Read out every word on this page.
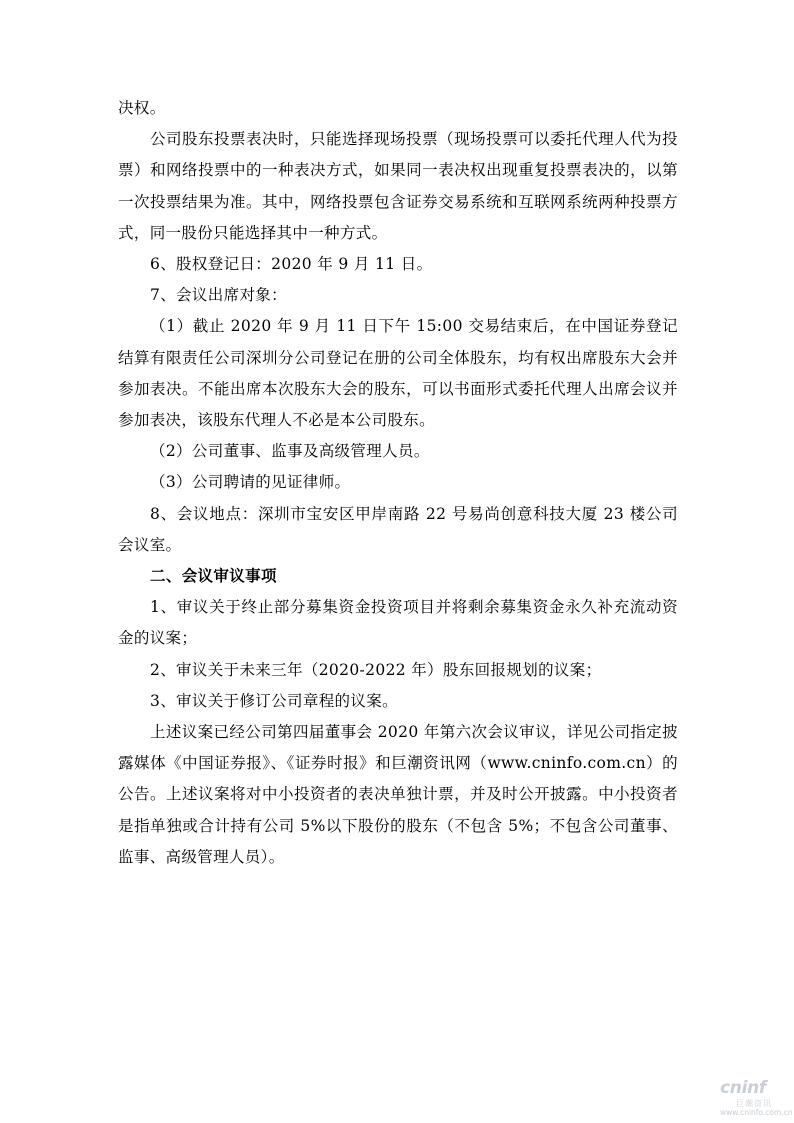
决权。

公司股东投票表决时，只能选择现场投票（现场投票可以委托代理人代为投票）和网络投票中的一种表决方式，如果同一表决权出现重复投票表决的，以第一次投票结果为准。其中，网络投票包含证券交易系统和互联网系统两种投票方式，同一股份只能选择其中一种方式。

6、股权登记日：2020 年 9 月 11 日。

7、会议出席对象：

（1）截止 2020 年 9 月 11 日下午 15:00 交易结束后，在中国证券登记结算有限责任公司深圳分公司登记在册的公司全体股东，均有权出席股东大会并参加表决。不能出席本次股东大会的股东，可以书面形式委托代理人出席会议并参加表决，该股东代理人不必是本公司股东。

（2）公司董事、监事及高级管理人员。

（3）公司聘请的见证律师。

8、会议地点：深圳市宝安区甲岸南路 22 号易尚创意科技大厦 23 楼公司会议室。

二、会议审议事项

1、审议关于终止部分募集资金投资项目并将剩余募集资金永久补充流动资金的议案；

2、审议关于未来三年（2020-2022 年）股东回报规划的议案；

3、审议关于修订公司章程的议案。

上述议案已经公司第四届董事会 2020 年第六次会议审议，详见公司指定披露媒体《中国证券报》、《证券时报》和巨潮资讯网（www.cninfo.com.cn）的公告。上述议案将对中小投资者的表决单独计票，并及时公开披露。中小投资者是指单独或合计持有公司 5%以下股份的股东（不包含 5%；不包含公司董事、监事、高级管理人员）。

cninf
巨潮资讯
www.cninfo.com.cn
